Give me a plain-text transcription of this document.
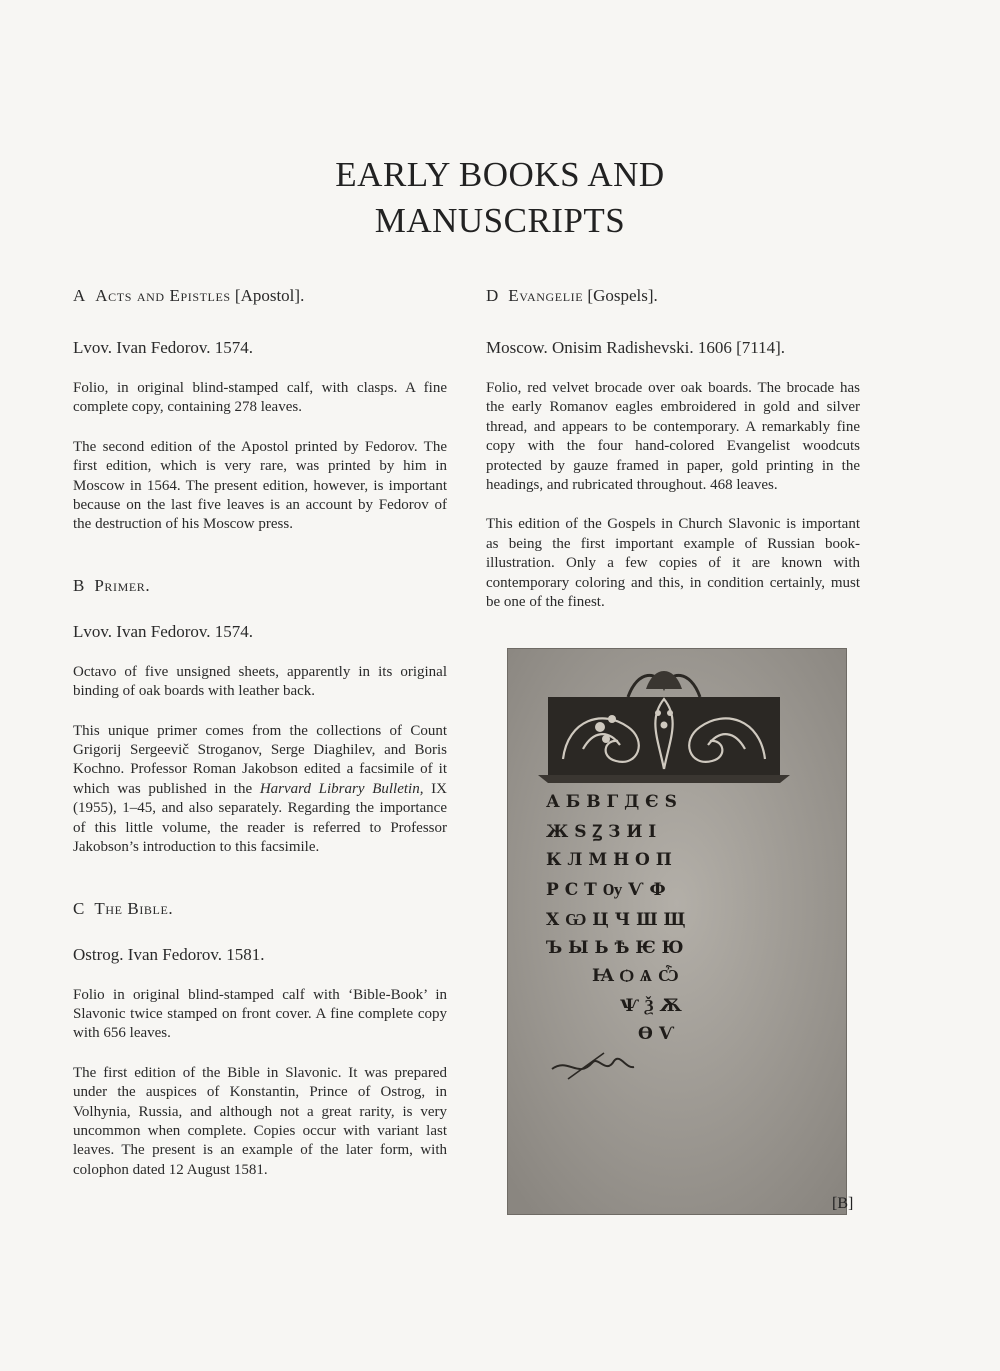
EARLY BOOKS AND
MANUSCRIPTS

A Acts and Epistles [Apostol].

Lvov. Ivan Fedorov. 1574.

Folio, in original blind-stamped calf, with clasps. A fine complete copy, containing 278 leaves.

The second edition of the Apostol printed by Fedorov. The first edition, which is very rare, was printed by him in Moscow in 1564. The present edition, however, is important because on the last five leaves is an account by Fedorov of the destruction of his Moscow press.

B Primer.

Lvov. Ivan Fedorov. 1574.

Octavo of five unsigned sheets, apparently in its original binding of oak boards with leather back.

This unique primer comes from the collections of Count Grigorij Sergeevič Stroganov, Serge Diaghilev, and Boris Kochno. Professor Roman Jakobson edited a facsimile of it which was published in the Harvard Library Bulletin, IX (1955), 1–45, and also separately. Regarding the importance of this little volume, the reader is referred to Professor Jakobson’s introduction to this facsimile.

C The Bible.

Ostrog. Ivan Fedorov. 1581.

Folio in original blind-stamped calf with ‘Bible-Book’ in Slavonic twice stamped on front cover. A fine complete copy with 656 leaves.

The first edition of the Bible in Slavonic. It was prepared under the auspices of Konstantin, Prince of Ostrog, in Volhynia, Russia, and although not a great rarity, is very uncommon when complete. Copies occur with variant last leaves. The present is an example of the later form, with colophon dated 12 August 1581.

D Evangelie [Gospels].

Moscow. Onisim Radishevski. 1606 [7114].

Folio, red velvet brocade over oak boards. The brocade has the early Romanov eagles embroidered in gold and silver thread, and appears to be contemporary. A remarkably fine copy with the four hand-colored Evangelist woodcuts protected by gauze framed in paper, gold printing in the headings, and rubricated throughout. 468 leaves.

This edition of the Gospels in Church Slavonic is important as being the first important example of Russian book-illustration. Only a few copies of it are known with contemporary coloring and this, in condition certainly, must be one of the finest.

А Б В Г Д Є Ѕ
Ж Ѕ Ꙁ З И І
К Л М Н О П
Р С Т Ѹ Ѵ Ф
Х Ѡ Ц Ч Ш Щ
Ъ Ы Ь Ѣ Ѥ Ю
Ꙗ Ѻ Ѧ Ѽ
Ѱ Ѯ Ѫ
Ѳ Ѵ
[B]
